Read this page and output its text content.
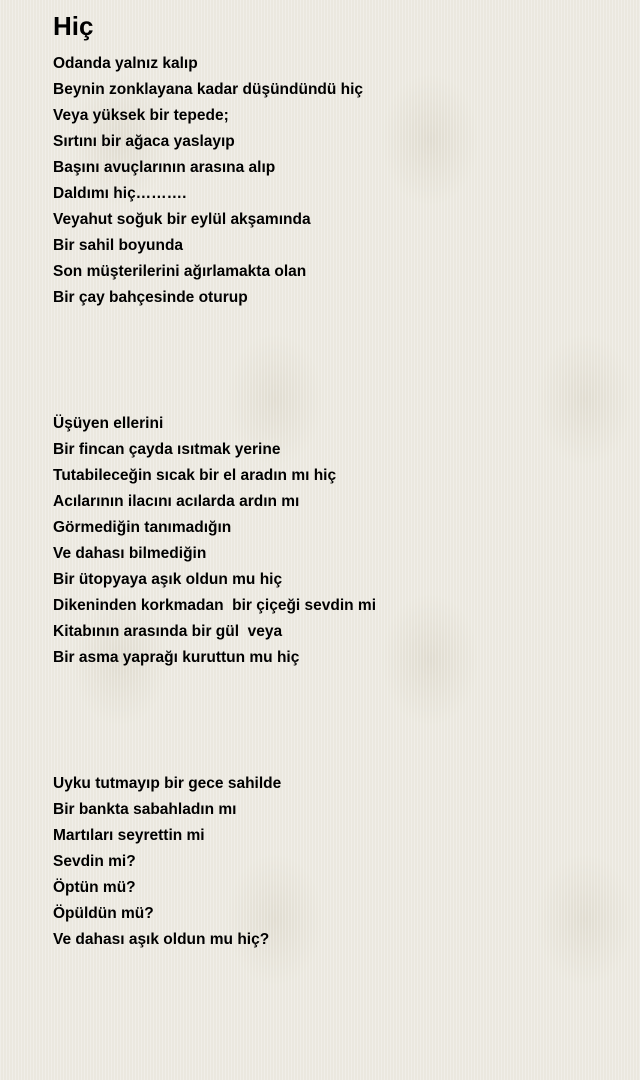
Hiç

Odanda yalnız kalıp

Beynin zonklayana kadar düşündündü hiç

Veya yüksek bir tepede;

Sırtını bir ağaca yaslayıp

Başını avuçlarının arasına alıp

Daldımı hiç……….

Veyahut soğuk bir eylül akşamında

Bir sahil boyunda

Son müşterilerini ağırlamakta olan

Bir çay bahçesinde oturup

Üşüyen ellerini

Bir fincan çayda ısıtmak yerine

Tutabileceğin sıcak bir el aradın mı hiç

Acılarının ilacını acılarda ardın mı

Görmediğin tanımadığın

Ve dahası bilmediğin

Bir ütopyaya aşık oldun mu hiç

Dikeninden korkmadan  bir çiçeği sevdin mi

Kitabının arasında bir gül  veya

Bir asma yaprağı kuruttun mu hiç

Uyku tutmayıp bir gece sahilde

Bir bankta sabahladın mı

Martıları seyrettin mi

Sevdin mi?

Öptün mü?

Öpüldün mü?

Ve dahası aşık oldun mu hiç?
